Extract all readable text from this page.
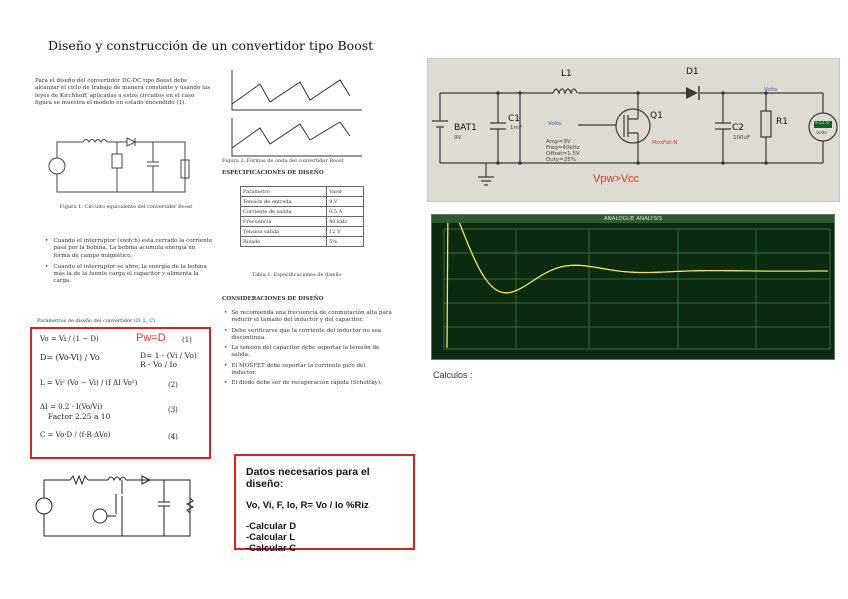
Diseño y construcción de un convertidor tipo Boost
Para el diseño del convertidor DC-DC tipo Boost debe alcanzar el ciclo de trabajo de manera constante y usando las leyes de Kirchhoff, aplicadas a estos circuitos en el caso figura se muestra el modelo en estado encendido (1).
Figura 1. Circuito equivalente del convertidor Boost
• Cuando el interruptor (switch) está cerrado la corriente pasa por la bobina. La bobina acumula energía en forma de campo magnético.
• Cuando el interruptor se abre, la energía de la bobina más la de la fuente carga el capacitor y alimenta la carga.
Parámetros de diseño del convertidor (D, L, C)
Vo = Vi / (1 − D)	Pw=D (1)
D= (Vo-Vi) / Vo	D= 1 - (Vi / Vo)
R - Vo / Io
L = Vi² (Vo − Vi) / (f ΔI Vo²)	(2)
ΔI = 0.2 · I(Vo/Vi)
Factor 2.25 a 10
(3)
C = Vo·D / (f·R·ΔVo)	(4)
Figura 2. Formas de onda del convertidor Boost
ESPECIFICACIONES DE DISEÑO
Parámetro	Valor
Tensión de entrada	9 V
Corriente de salida	0.5 A
Frecuencia	40 kHz
Tensión salida	12 V
Rizado	5%
Tabla 1. Especificaciones de diseño
CONSIDERACIONES DE DISEÑO
• Se recomienda una frecuencia de conmutación alta para reducir el tamaño del inductor y del capacitor.
• Debe verificarse que la corriente del inductor no sea discontinua.
• La tensión del capacitor debe soportar la tensión de salida.
• El MOSFET debe soportar la corriente pico del inductor.
• El diodo debe ser de recuperación rápida (Schottky).
Datos necesarios para el diseño:
Vo, Vi, F, Io, R= Vo / Io %Riz
-Calcular D
-Calcular L
-Calcular C
BAT1
9V
C1
1mF
L1	D1
Q1
MosFet-N
C2
100uF
R1	+12.0
Volts
Volts
Volts
Amp=3V
Freq=40kHz
Offset=1.5V
Duty=25%
Vpw>Vcc
ANALOGUE ANALYSIS
Calculos :
